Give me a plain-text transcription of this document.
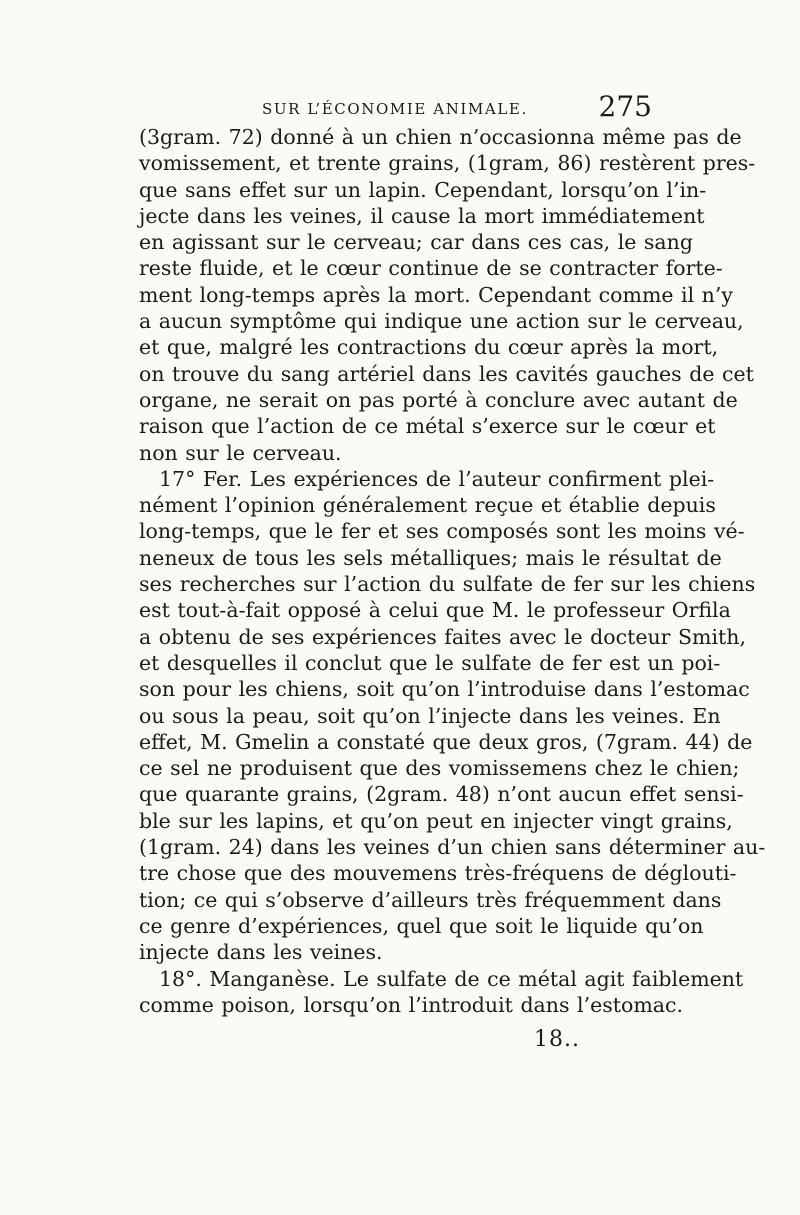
SUR L’ÉCONOMIE ANIMALE.	275
(3gram. 72) donné à un chien n’occasionna même pas de
vomissement, et trente grains, (1gram, 86) restèrent pres-
que sans effet sur un lapin. Cependant, lorsqu’on l’in-
jecte dans les veines, il cause la mort immédiatement
en agissant sur le cerveau; car dans ces cas, le sang
reste fluide, et le cœur continue de se contracter forte-
ment long-temps après la mort. Cependant comme il n’y
a aucun symptôme qui indique une action sur le cerveau,
et que, malgré les contractions du cœur après la mort,
on trouve du sang artériel dans les cavités gauches de cet
organe, ne serait on pas porté à conclure avec autant de
raison que l’action de ce métal s’exerce sur le cœur et
non sur le cerveau.
17° Fer. Les expériences de l’auteur confirment plei-
nément l’opinion généralement reçue et établie depuis
long-temps, que le fer et ses composés sont les moins vé-
neneux de tous les sels métalliques; mais le résultat de
ses recherches sur l’action du sulfate de fer sur les chiens
est tout-à-fait opposé à celui que M. le professeur Orfila
a obtenu de ses expériences faites avec le docteur Smith,
et desquelles il conclut que le sulfate de fer est un poi-
son pour les chiens, soit qu’on l’introduise dans l’estomac
ou sous la peau, soit qu’on l’injecte dans les veines. En
effet, M. Gmelin a constaté que deux gros, (7gram. 44) de
ce sel ne produisent que des vomissemens chez le chien;
que quarante grains, (2gram. 48) n’ont aucun effet sensi-
ble sur les lapins, et qu’on peut en injecter vingt grains,
(1gram. 24) dans les veines d’un chien sans déterminer au-
tre chose que des mouvemens très-fréquens de déglouti-
tion; ce qui s’observe d’ailleurs très fréquemment dans
ce genre d’expériences, quel que soit le liquide qu’on
injecte dans les veines.
18°. Manganèse. Le sulfate de ce métal agit faiblement
comme poison, lorsqu’on l’introduit dans l’estomac.
18..
